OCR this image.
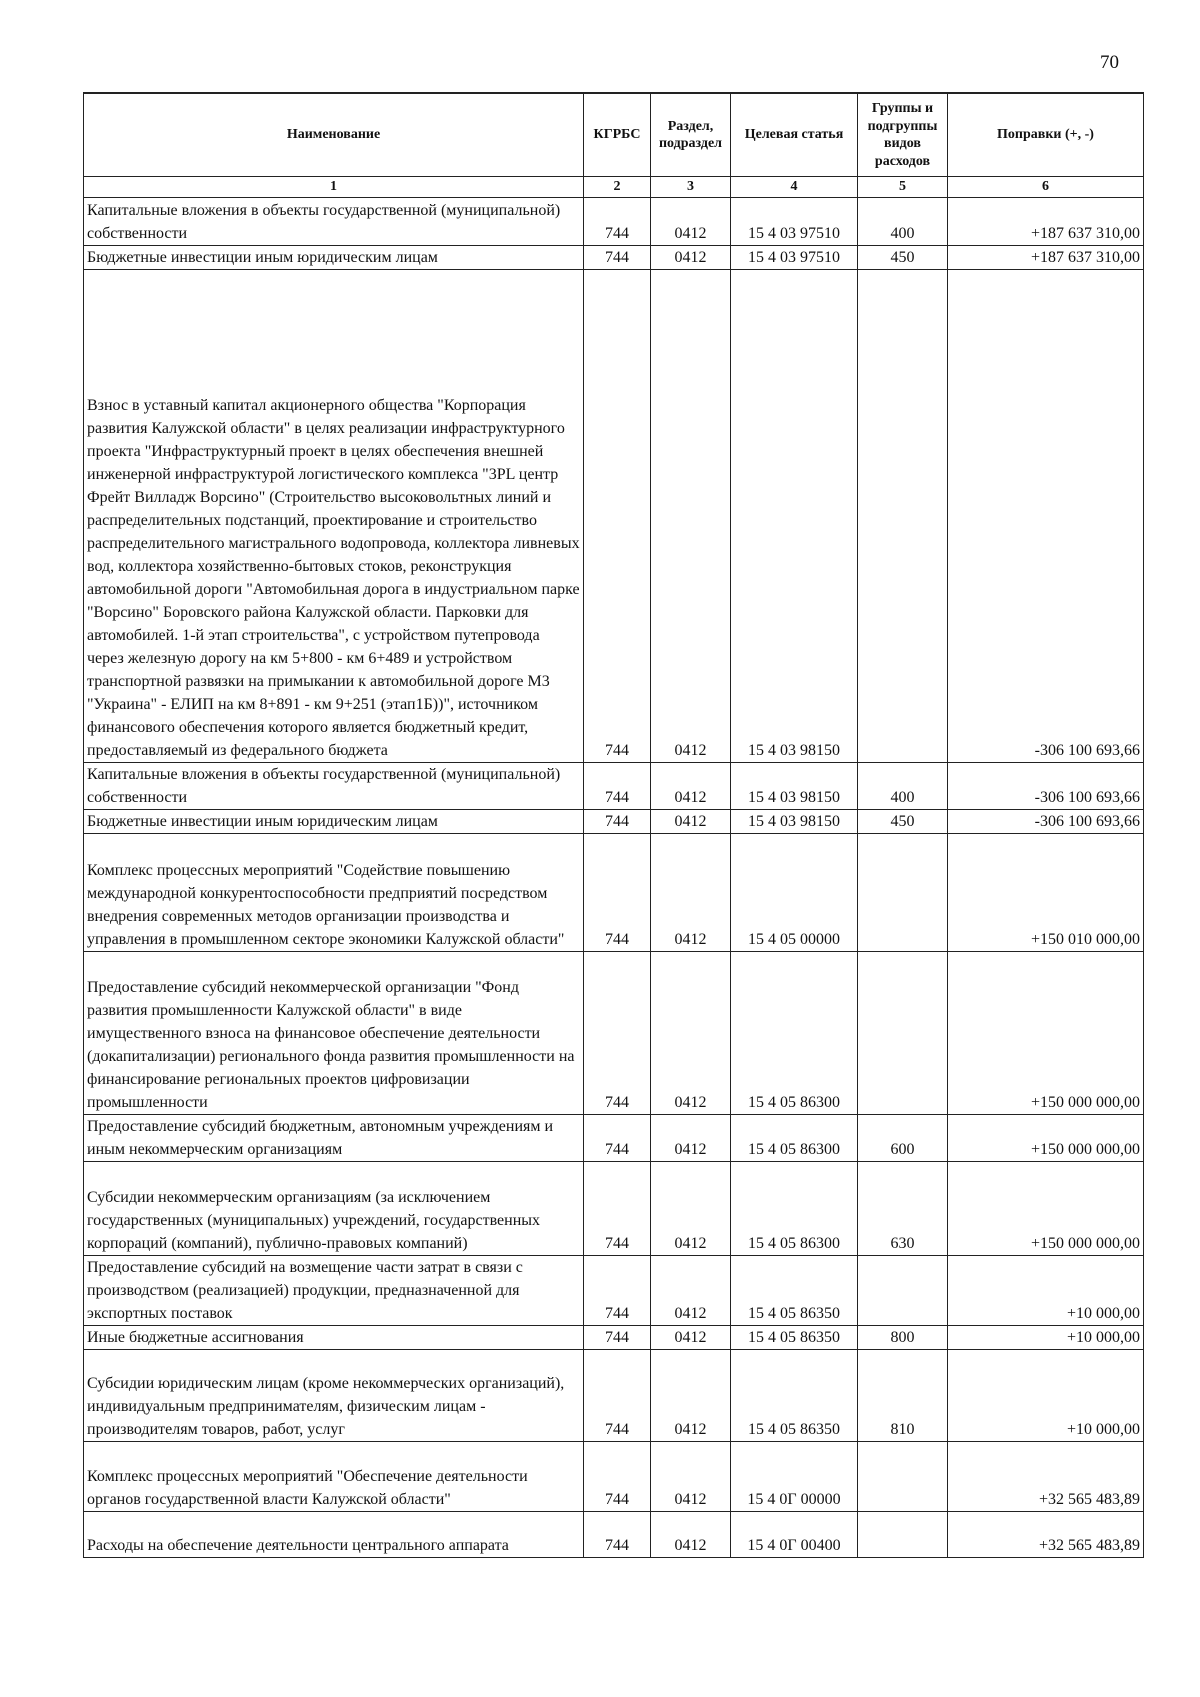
70
Наименование	КГРБС	Раздел, подраздел	Целевая статья	Группы и подгруппы видов расходов	Поправки (+, -)
1	2	3	4	5	6
Капитальные вложения в объекты государственной (муниципальной) собственности	744	0412	15 4 03 97510	400	+187 637 310,00
Бюджетные инвестиции иным юридическим лицам	744	0412	15 4 03 97510	450	+187 637 310,00
Взнос в уставный капитал акционерного общества "Корпорация развития Калужской области" в целях реализации инфраструктурного проекта "Инфраструктурный проект в целях обеспечения внешней инженерной инфраструктурой логистического комплекса "3PL центр Фрейт Вилладж Ворсино" (Строительство высоковольтных линий и распределительных подстанций, проектирование и строительство распределительного магистрального водопровода, коллектора ливневых вод, коллектора хозяйственно-бытовых стоков, реконструкция автомобильной дороги "Автомобильная дорога в индустриальном парке "Ворсино" Боровского района Калужской области. Парковки для автомобилей. 1-й этап строительства", с устройством путепровода через железную дорогу на км 5+800 - км 6+489 и устройством транспортной развязки на примыкании к автомобильной дороге М3 "Украина" - ЕЛИП на км 8+891 - км 9+251 (этап1Б))", источником финансового обеспечения которого является бюджетный кредит, предоставляемый из федерального бюджета	744	0412	15 4 03 98150		-306 100 693,66
Капитальные вложения в объекты государственной (муниципальной) собственности	744	0412	15 4 03 98150	400	-306 100 693,66
Бюджетные инвестиции иным юридическим лицам	744	0412	15 4 03 98150	450	-306 100 693,66
Комплекс процессных мероприятий "Содействие повышению международной конкурентоспособности предприятий посредством внедрения современных методов организации производства и управления в промышленном секторе экономики Калужской области"	744	0412	15 4 05 00000		+150 010 000,00
Предоставление субсидий некоммерческой организации "Фонд развития промышленности Калужской области" в виде имущественного взноса на финансовое обеспечение деятельности (докапитализации) регионального фонда развития промышленности на финансирование региональных проектов цифровизации промышленности	744	0412	15 4 05 86300		+150 000 000,00
Предоставление субсидий бюджетным, автономным учреждениям и иным некоммерческим организациям	744	0412	15 4 05 86300	600	+150 000 000,00
Субсидии некоммерческим организациям (за исключением государственных (муниципальных) учреждений, государственных корпораций (компаний), публично-правовых компаний)	744	0412	15 4 05 86300	630	+150 000 000,00
Предоставление субсидий на возмещение части затрат в связи с производством (реализацией) продукции, предназначенной для экспортных поставок	744	0412	15 4 05 86350		+10 000,00
Иные бюджетные ассигнования	744	0412	15 4 05 86350	800	+10 000,00
Субсидии юридическим лицам (кроме некоммерческих организаций), индивидуальным предпринимателям, физическим лицам - производителям товаров, работ, услуг	744	0412	15 4 05 86350	810	+10 000,00
Комплекс процессных мероприятий "Обеспечение деятельности органов государственной власти Калужской области"	744	0412	15 4 0Г 00000		+32 565 483,89
Расходы на обеспечение деятельности центрального аппарата	744	0412	15 4 0Г 00400		+32 565 483,89
